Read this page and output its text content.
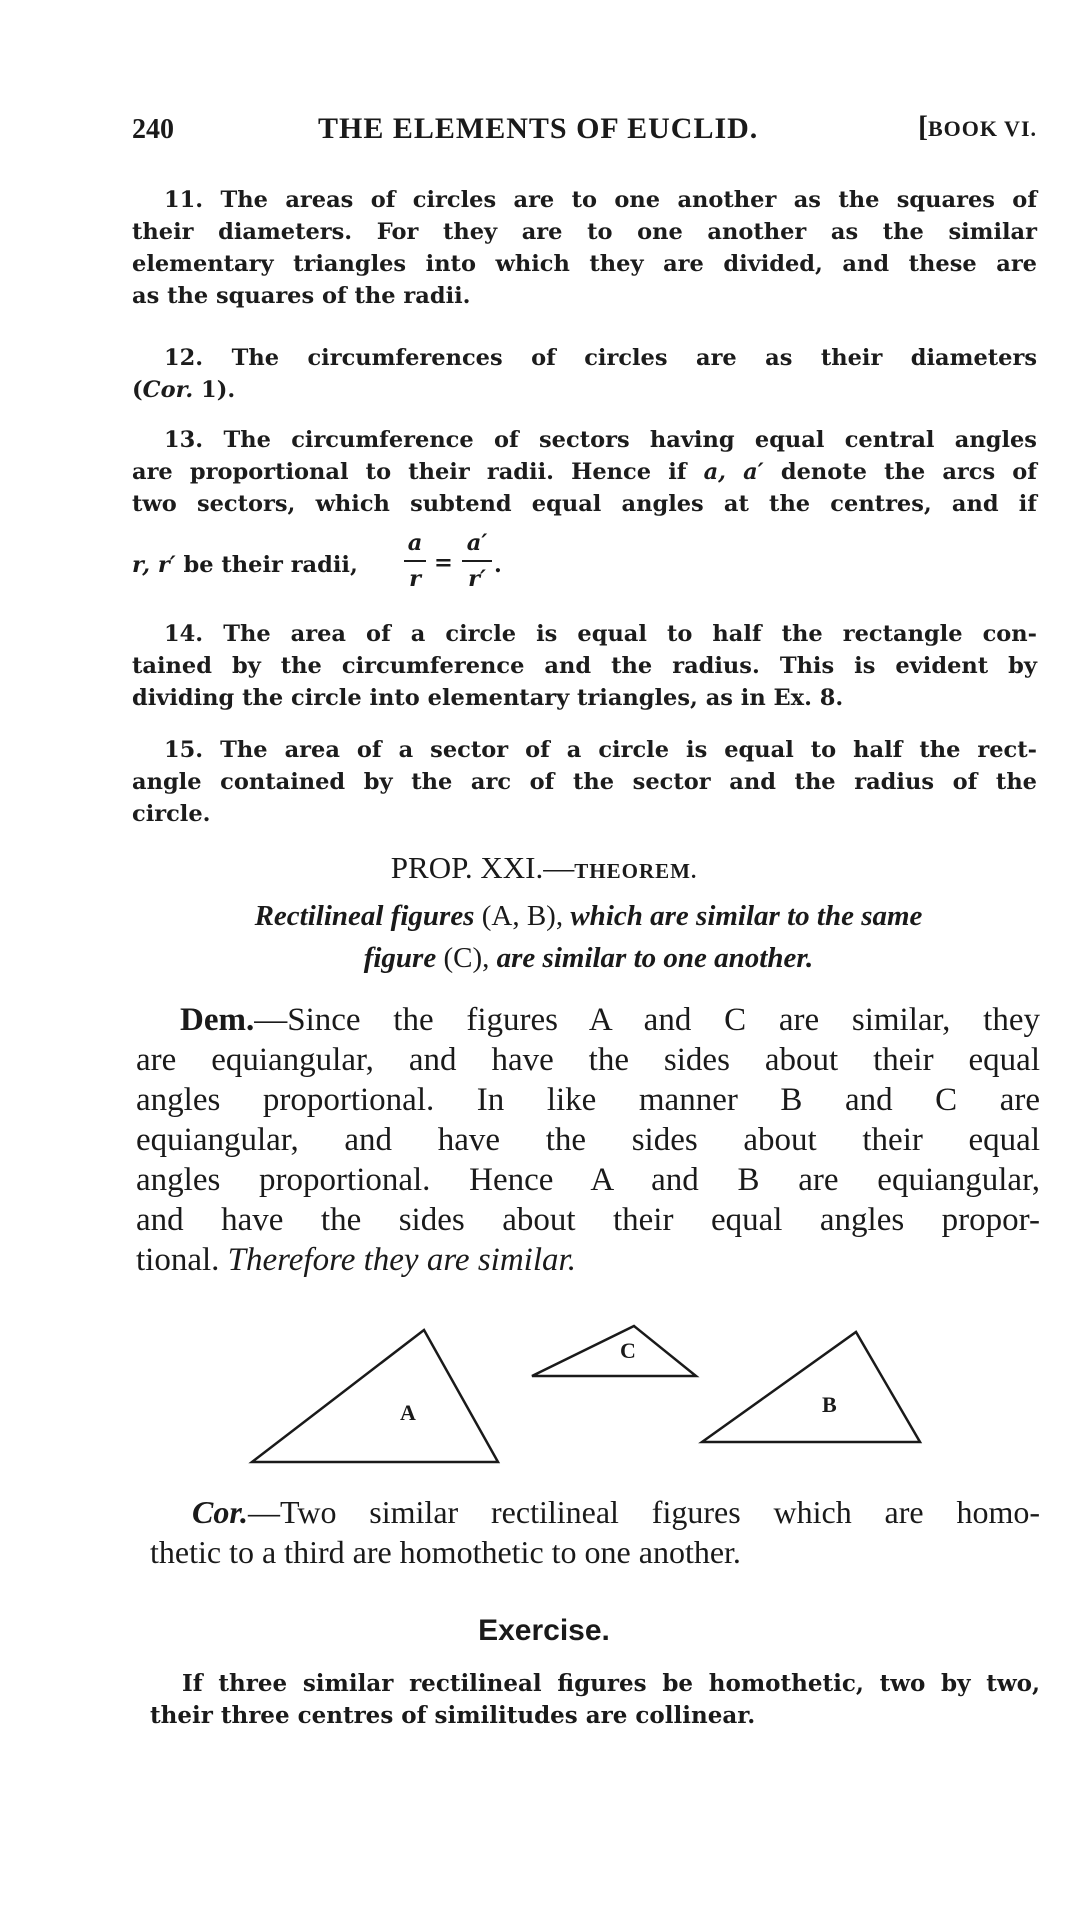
240	THE ELEMENTS OF EUCLID.	[BOOK VI.
11. The areas of circles are to one another as the squares of
their diameters. For they are to one another as the similar
elementary triangles into which they are divided, and these are
as the squares of the radii.
12. The circumferences of circles are as their diameters
(Cor. 1).
13. The circumference of sectors having equal central angles
are proportional to their radii. Hence if a, a′ denote the arcs of
two sectors, which subtend equal angles at the centres, and if
r, r′ be their radii,
a
r
=
a′
r′
.
14. The area of a circle is equal to half the rectangle con-
tained by the circumference and the radius. This is evident by
dividing the circle into elementary triangles, as in Ex. 8.
15. The area of a sector of a circle is equal to half the rect-
angle contained by the arc of the sector and the radius of the
circle.
PROP. XXI.—THEOREM.
Rectilineal figures (A, B), which are similar to the same
figure (C), are similar to one another.
Dem.—Since the figures A and C are similar, they
are equiangular, and have the sides about their equal
angles proportional. In like manner B and C are
equiangular, and have the sides about their equal
angles proportional. Hence A and B are equiangular,
and have the sides about their equal angles propor-
tional. Therefore they are similar.
A
C
B
Cor.—Two similar rectilineal figures which are homo-
thetic to a third are homothetic to one another.
Exercise.
If three similar rectilineal figures be homothetic, two by two,
their three centres of similitudes are collinear.
